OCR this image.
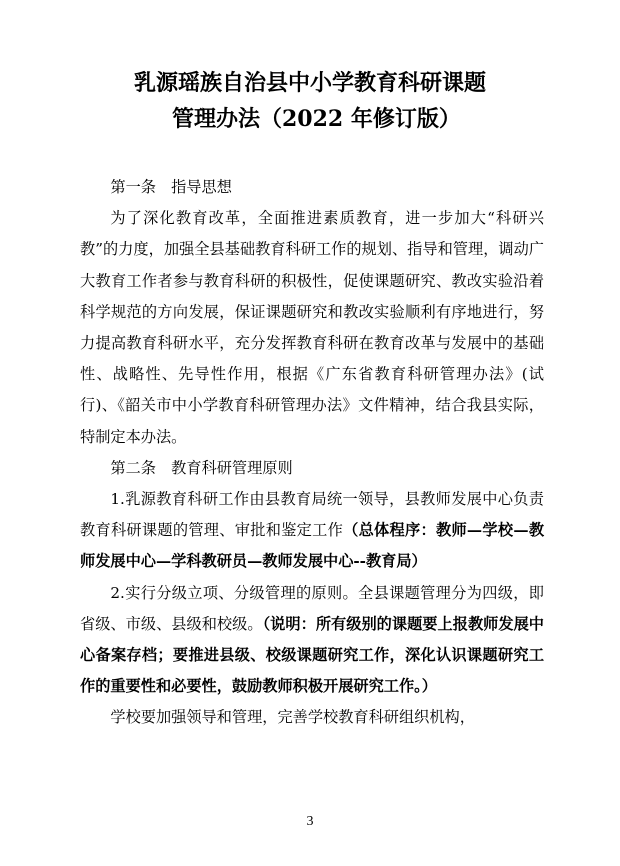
乳源瑶族自治县中小学教育科研课题
管理办法（2022 年修订版）

第一条　指导思想

为了深化教育改革，全面推进素质教育，进一步加大“科研兴教”的力度，加强全县基础教育科研工作的规划、指导和管理，调动广大教育工作者参与教育科研的积极性，促使课题研究、教改实验沿着科学规范的方向发展，保证课题研究和教改实验顺利有序地进行，努力提高教育科研水平，充分发挥教育科研在教育改革与发展中的基础性、战略性、先导性作用，根据《广东省教育科研管理办法》(试行)、《韶关市中小学教育科研管理办法》文件精神，结合我县实际，特制定本办法。

第二条　教育科研管理原则

1.乳源教育科研工作由县教育局统一领导，县教师发展中心负责教育科研课题的管理、审批和鉴定工作（总体程序：教师—学校—教师发展中心—学科教研员—教师发展中心--教育局）

2.实行分级立项、分级管理的原则。全县课题管理分为四级，即省级、市级、县级和校级。（说明：所有级别的课题要上报教师发展中心备案存档；要推进县级、校级课题研究工作，深化认识课题研究工作的重要性和必要性，鼓励教师积极开展研究工作。）

学校要加强领导和管理，完善学校教育科研组织机构，

3
